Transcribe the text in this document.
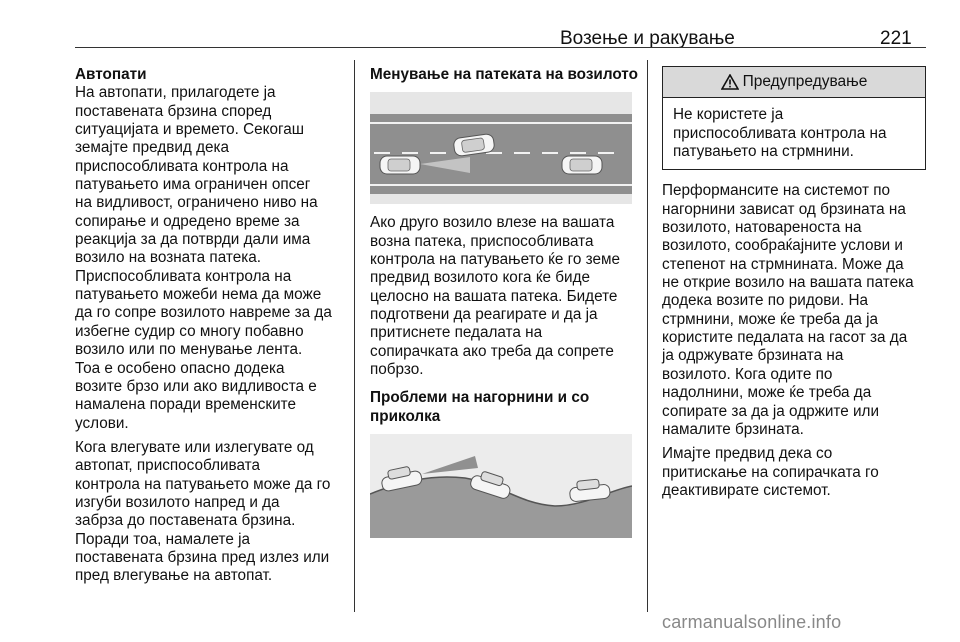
Возење и ракување	221
Автопати

На автопати, прилагодете ја
поставената брзина според
ситуацијата и времето. Секогаш
земајте предвид дека
приспособливата контрола на
патувањето има ограничен опсег
на видливост, ограничено ниво на
сопирање и одредено време за
реакција за да потврди дали има
возило на возната патека.
Приспособливата контрола на
патувањето можеби нема да може
да го сопре возилото навреме за да
избегне судир со многу побавно
возило или по менување лента.
Тоа е особено опасно додека
возите брзо или ако видливоста е
намалена поради временските
услови.

Кога влегувате или излегувате од
автопат, приспособливата
контрола на патувањето може да го
изгуби возилото напред и да
забрза до поставената брзина.
Поради тоа, намалете ја
поставената брзина пред излез или
пред влегување на автопат.

Менување на патеката на возилото

Ако друго возило влезе на вашата
возна патека, приспособливата
контрола на патувањето ќе го земе
предвид возилото кога ќе биде
целосно на вашата патека. Бидете
подготвени да реагирате и да ја
притиснете педалата на
сопирачката ако треба да сопрете
побрзо.

Проблеми на нагорнини и со
приколка
Предупредување
Не користете ја
приспособливата контрола на
патувањето на стрмнини.

Перформансите на системот по
нагорнини зависат од брзината на
возилото, натовареноста на
возилото, сообраќајните услови и
степенот на стрмнината. Може да
не открие возило на вашата патека
додека возите по ридови. На
стрмнини, може ќе треба да ја
користите педалата на гасот за да
ја одржувате брзината на
возилото. Кога одите по
надолнини, може ќе треба да
сопирате за да ја одржите или
намалите брзината.

Имајте предвид дека со
притискање на сопирачката го
деактивирате системот.

carmanualsonline.info
